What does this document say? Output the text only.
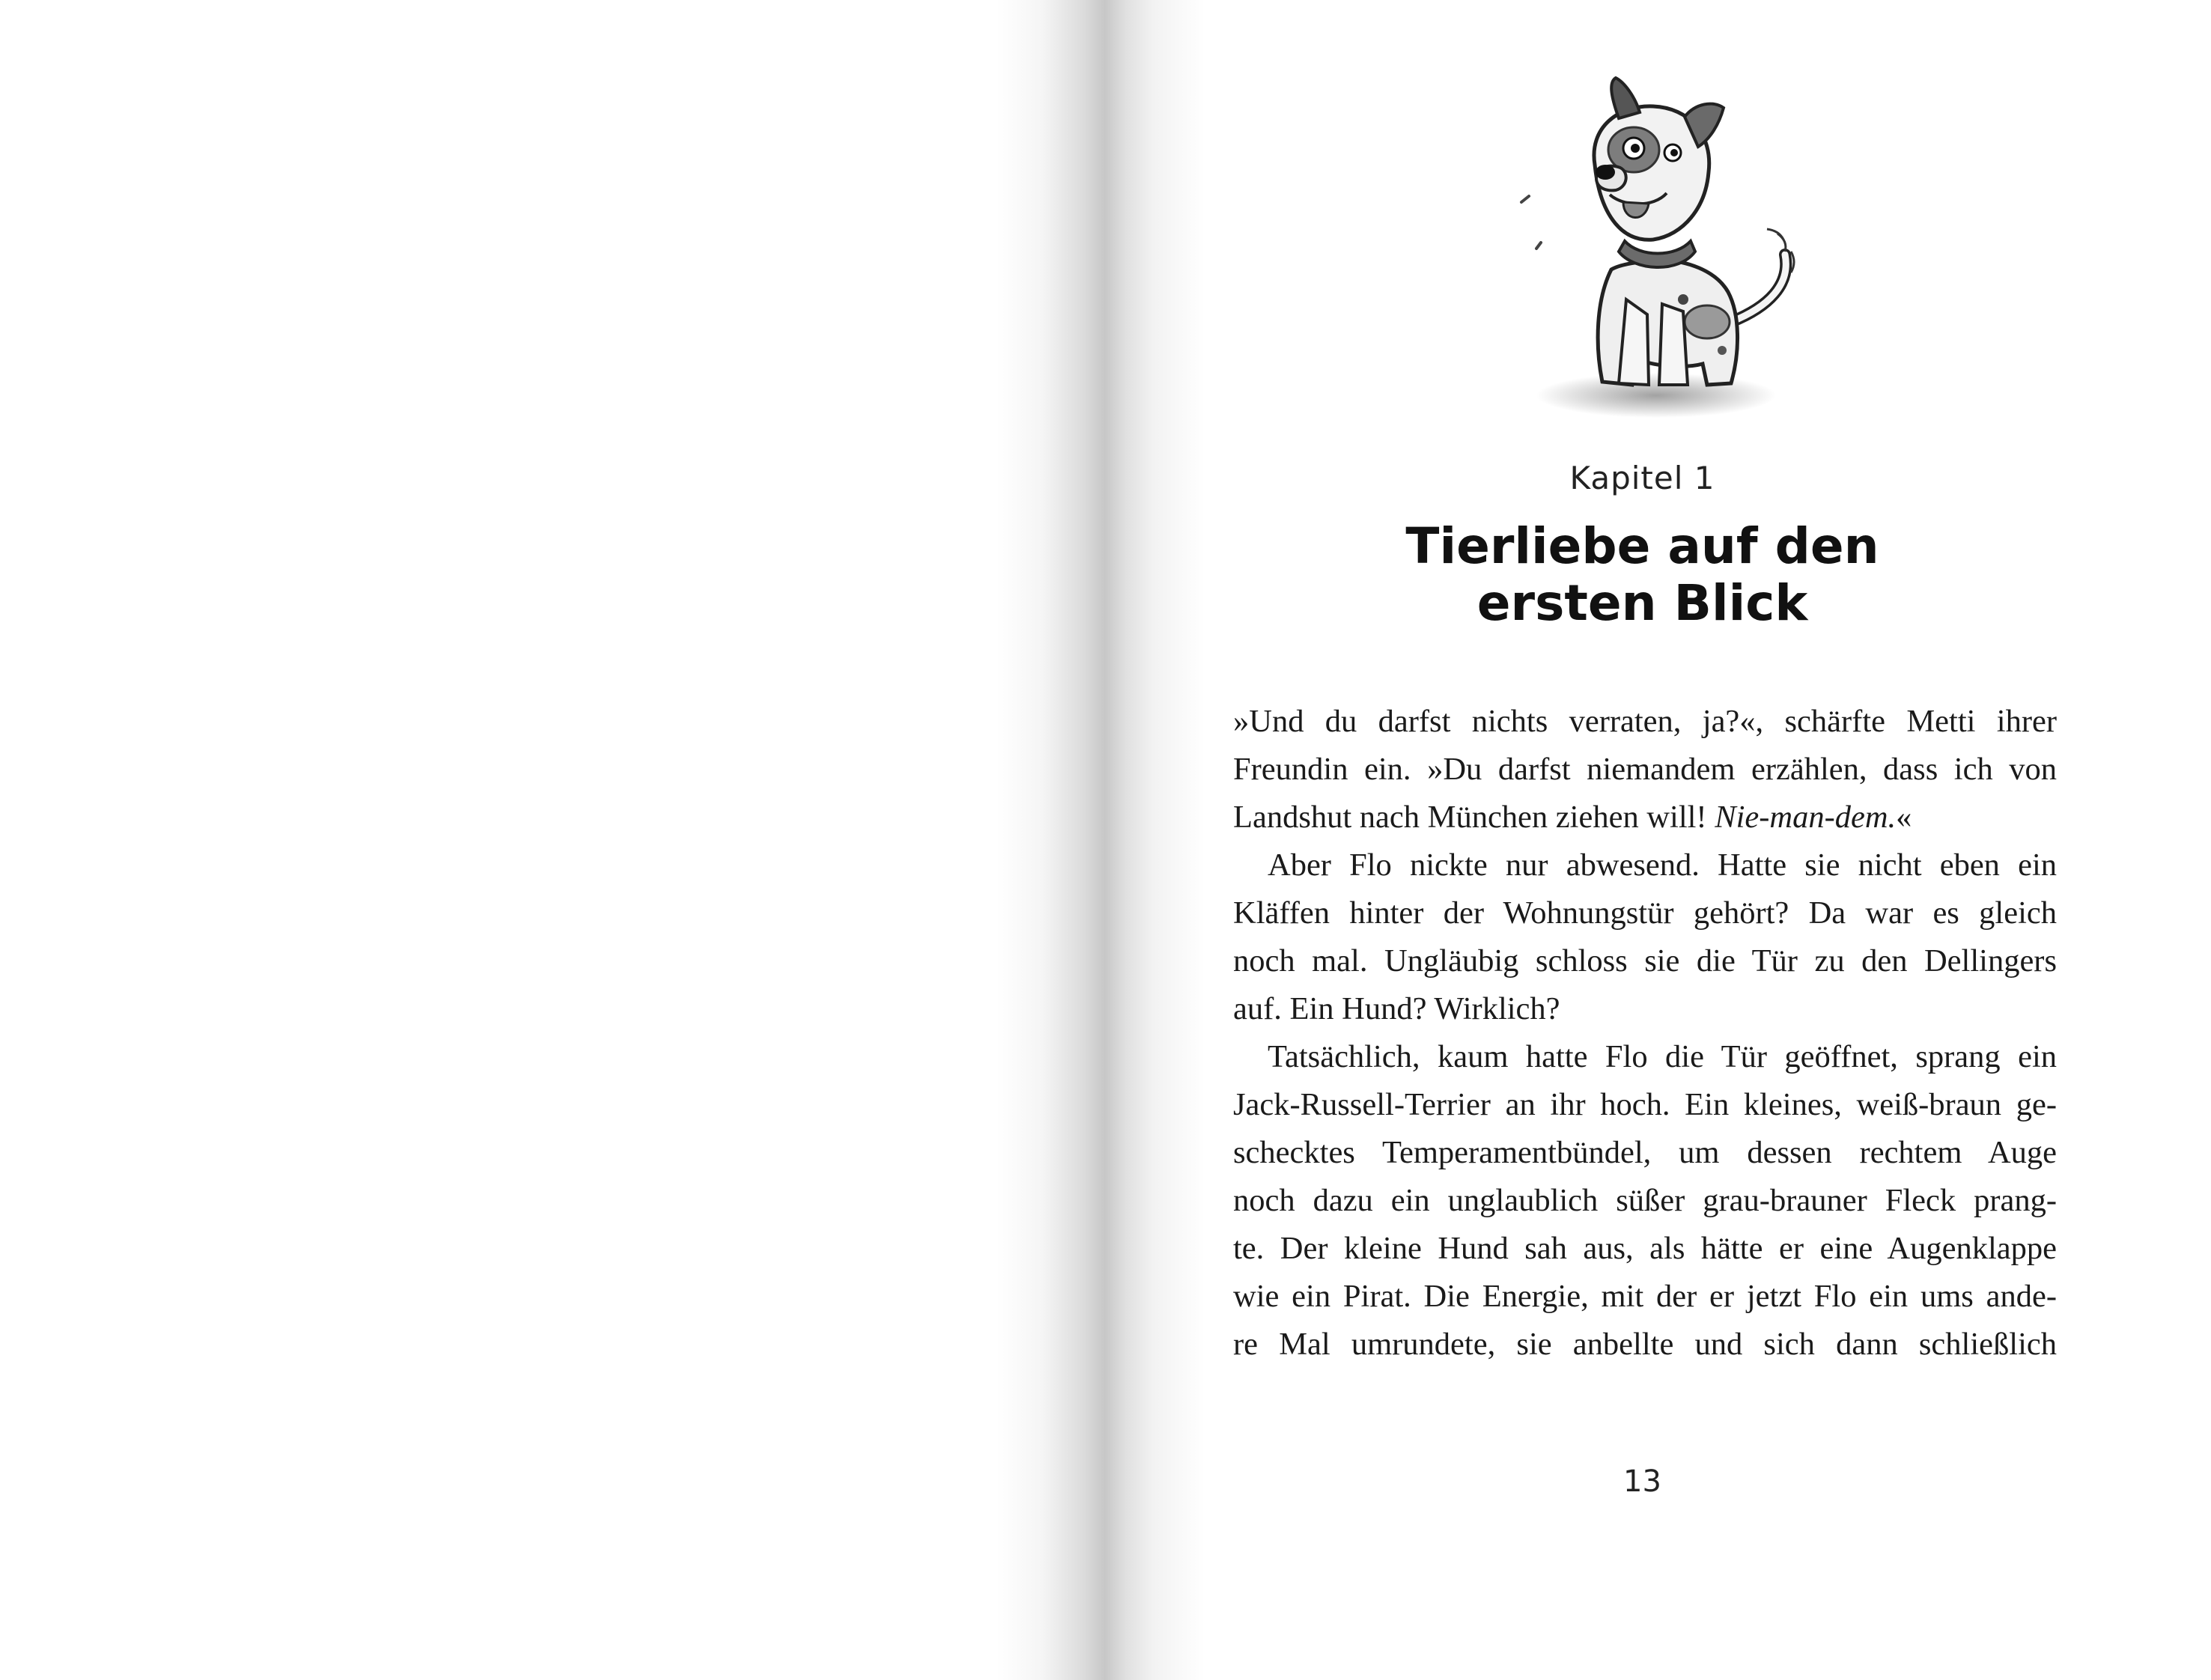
Kapitel 1
Tierliebe auf den
ersten Blick
»Und du darfst nichts verraten, ja?«, schärfte Metti ihrer
Freundin ein. »Du darfst niemandem erzählen, dass ich von
Landshut nach München ziehen will! Nie-man-dem.«
Aber Flo nickte nur abwesend. Hatte sie nicht eben ein
Kläffen hinter der Wohnungstür gehört? Da war es gleich
noch mal. Ungläubig schloss sie die Tür zu den Dellingers
auf. Ein Hund? Wirklich?
Tatsächlich, kaum hatte Flo die Tür geöffnet, sprang ein
Jack-Russell-Terrier an ihr hoch. Ein kleines, weiß-braun ge-
schecktes Temperamentbündel, um dessen rechtem Auge
noch dazu ein unglaublich süßer grau-brauner Fleck prang-
te. Der kleine Hund sah aus, als hätte er eine Augenklappe
wie ein Pirat. Die Energie, mit der er jetzt Flo ein ums ande-
re Mal umrundete, sie anbellte und sich dann schließlich
13
